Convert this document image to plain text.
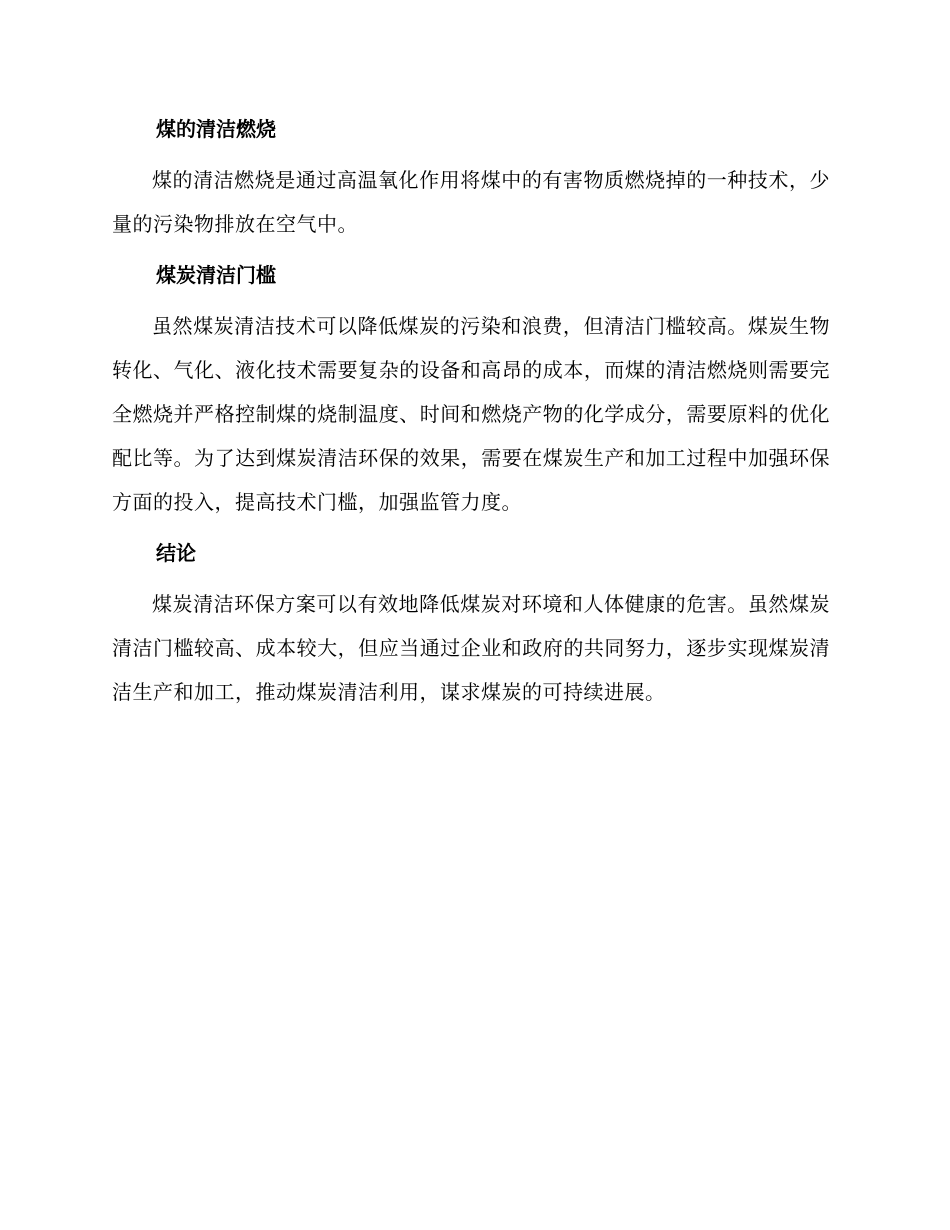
煤的清洁燃烧

煤的清洁燃烧是通过高温氧化作用将煤中的有害物质燃烧掉的一种技术，少量的污染物排放在空气中。

煤炭清洁门槛

虽然煤炭清洁技术可以降低煤炭的污染和浪费，但清洁门槛较高。煤炭生物转化、气化、液化技术需要复杂的设备和高昂的成本，而煤的清洁燃烧则需要完全燃烧并严格控制煤的烧制温度、时间和燃烧产物的化学成分，需要原料的优化配比等。为了达到煤炭清洁环保的效果，需要在煤炭生产和加工过程中加强环保方面的投入，提高技术门槛，加强监管力度。

结论

煤炭清洁环保方案可以有效地降低煤炭对环境和人体健康的危害。虽然煤炭清洁门槛较高、成本较大，但应当通过企业和政府的共同努力，逐步实现煤炭清洁生产和加工，推动煤炭清洁利用，谋求煤炭的可持续进展。
